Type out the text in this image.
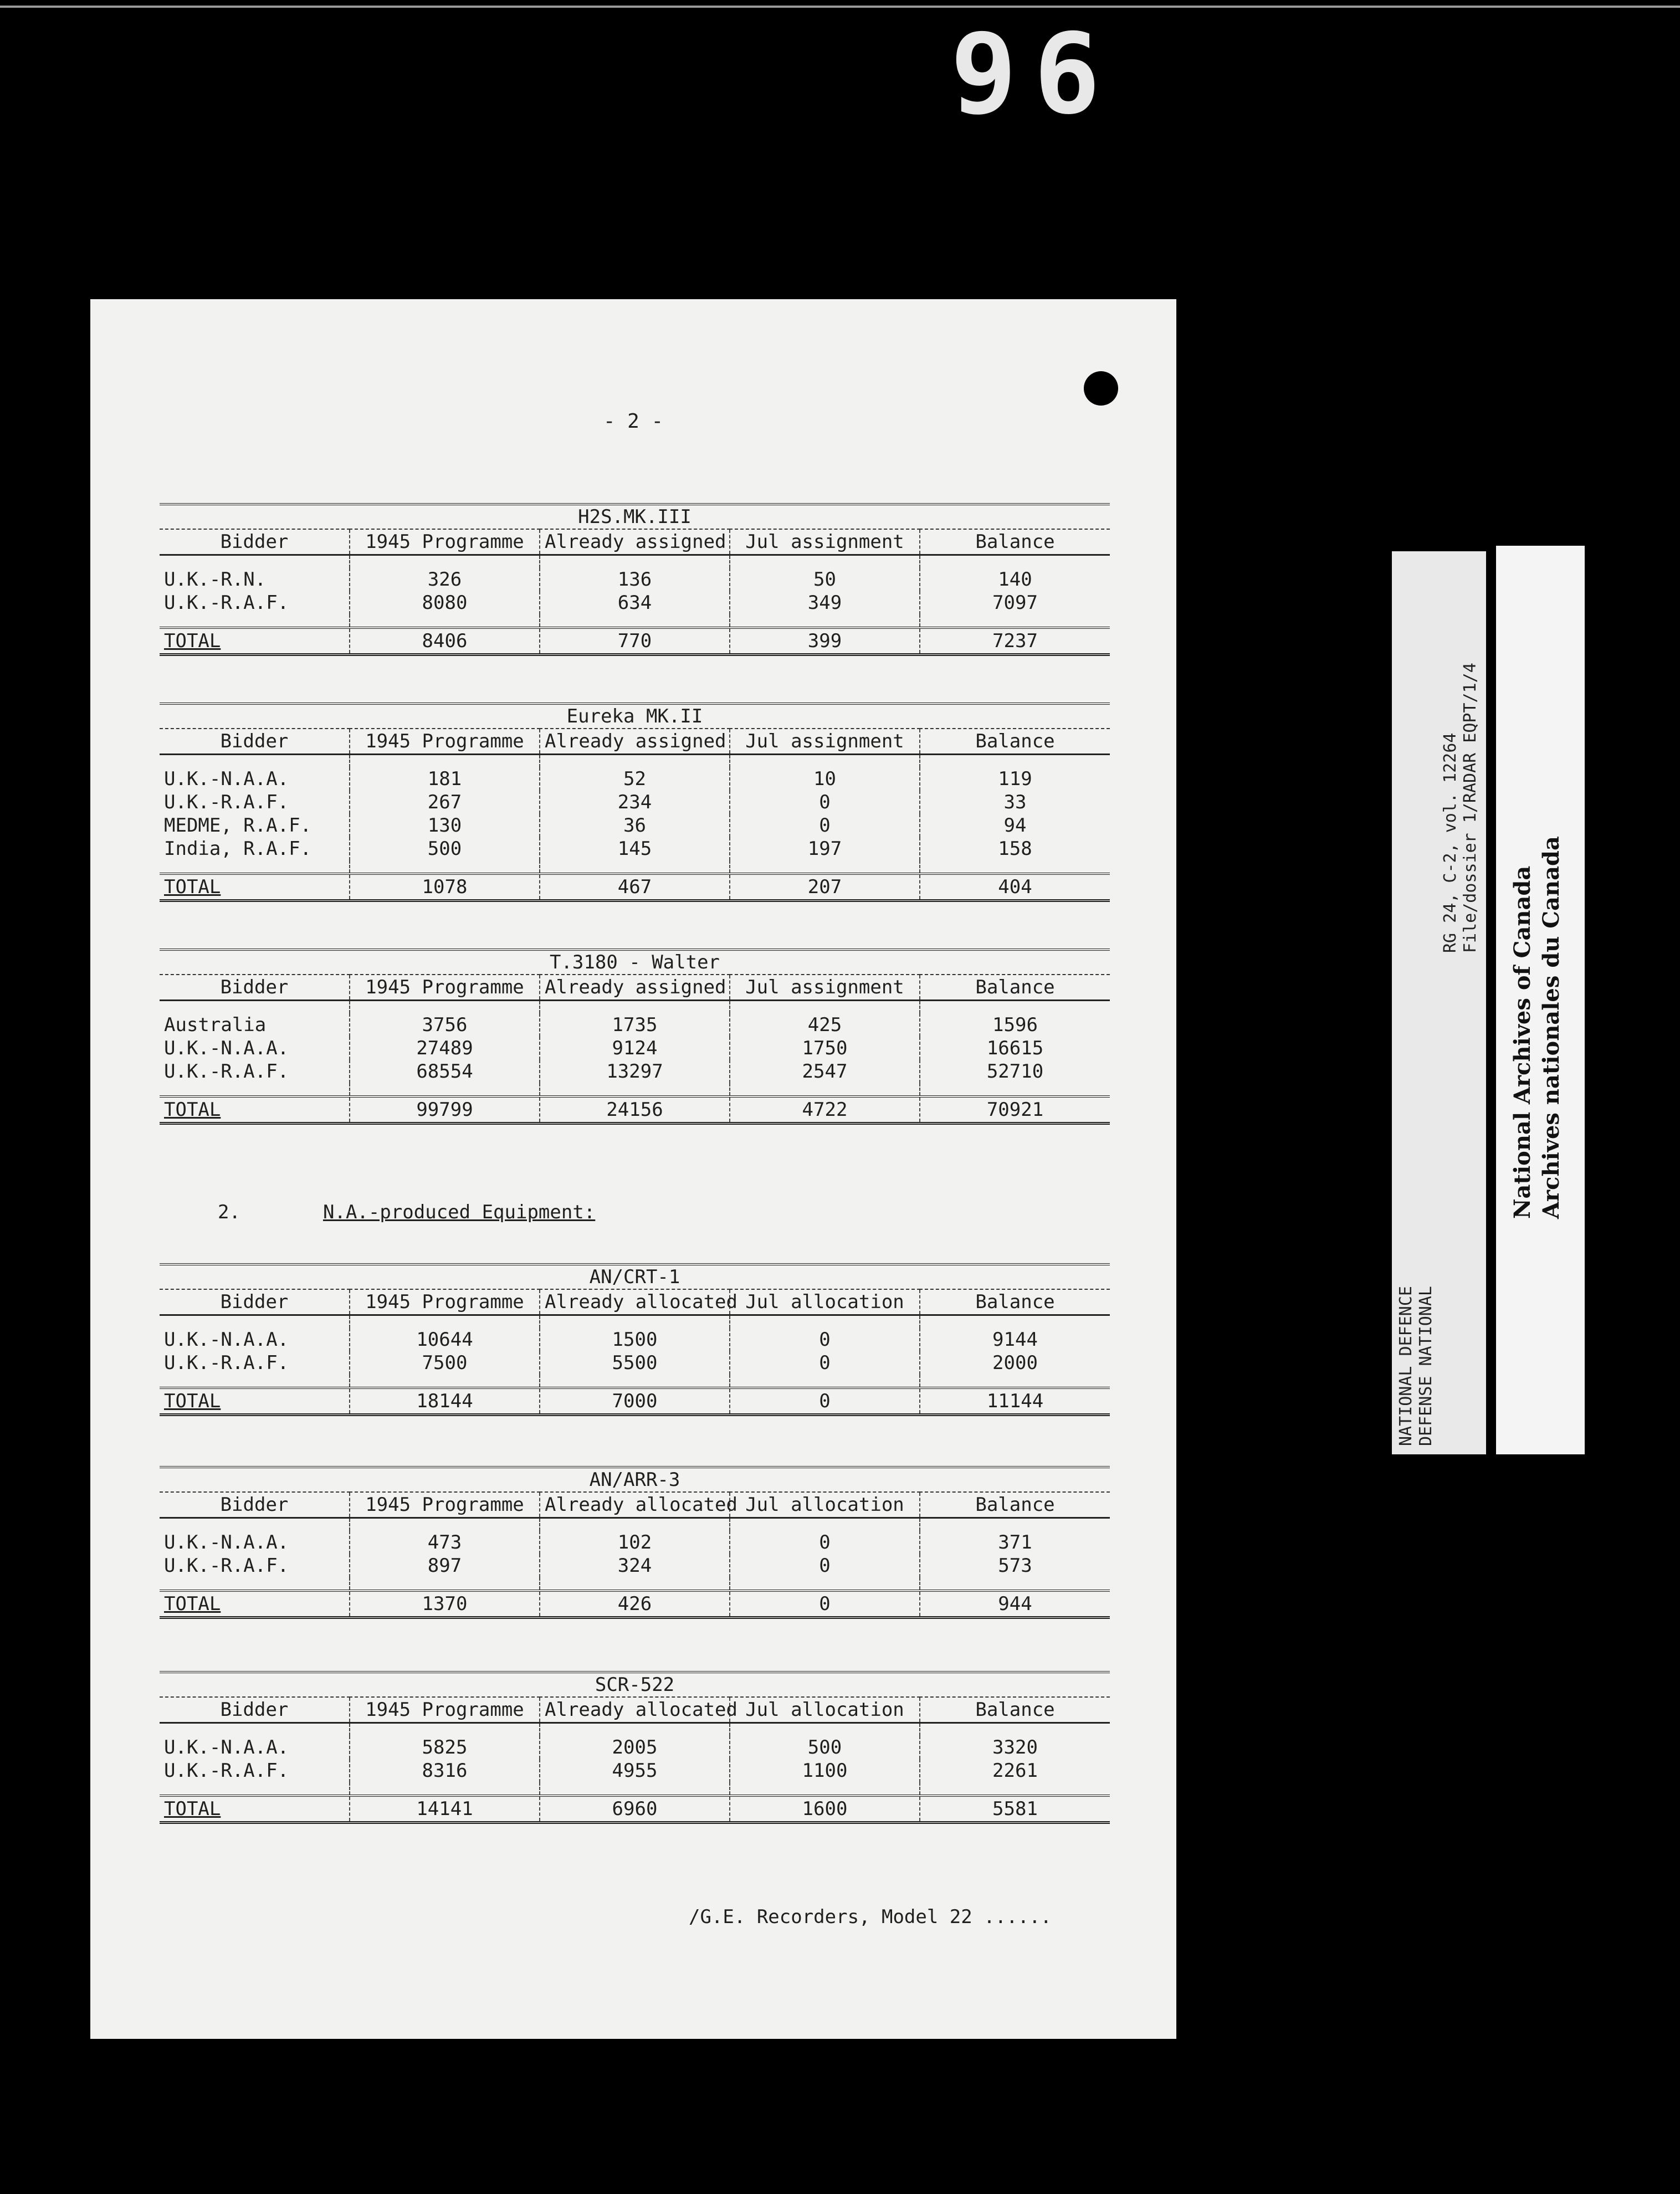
96
- 2 -
H2S.MK.III				
Bidder	1945 Programme	Already assigned	Jul assignment	Balance

U.K.-R.N.	326	136	50	140
U.K.-R.A.F.	8080	634	349	7097

TOTAL	8406	770	399	7237
Eureka MK.II				
Bidder	1945 Programme	Already assigned	Jul assignment	Balance

U.K.-N.A.A.	181	52	10	119
U.K.-R.A.F.	267	234	0	33
MEDME, R.A.F.	130	36	0	94
India, R.A.F.	500	145	197	158

TOTAL	1078	467	207	404
T.3180 - Walter				
Bidder	1945 Programme	Already assigned	Jul assignment	Balance

Australia	3756	1735	425	1596
U.K.-N.A.A.	27489	9124	1750	16615
U.K.-R.A.F.	68554	13297	2547	52710

TOTAL	99799	24156	4722	70921
AN/CRT-1				
Bidder	1945 Programme	Already allocated	Jul allocation	Balance

U.K.-N.A.A.	10644	1500	0	9144
U.K.-R.A.F.	7500	5500	0	2000

TOTAL	18144	7000	0	11144
AN/ARR-3				
Bidder	1945 Programme	Already allocated	Jul allocation	Balance

U.K.-N.A.A.	473	102	0	371
U.K.-R.A.F.	897	324	0	573

TOTAL	1370	426	0	944
SCR-522				
Bidder	1945 Programme	Already allocated	Jul allocation	Balance

U.K.-N.A.A.	5825	2005	500	3320
U.K.-R.A.F.	8316	4955	1100	2261

TOTAL	14141	6960	1600	5581
2.	N.A.-produced Equipment:
/G.E. Recorders, Model 22 ......
NATIONAL DEFENCE DEFENSE NATIONAL
RG 24, C-2, vol. 12264 File/dossier 1/RADAR EQPT/1/4
National Archives of Canada Archives nationales du Canada
